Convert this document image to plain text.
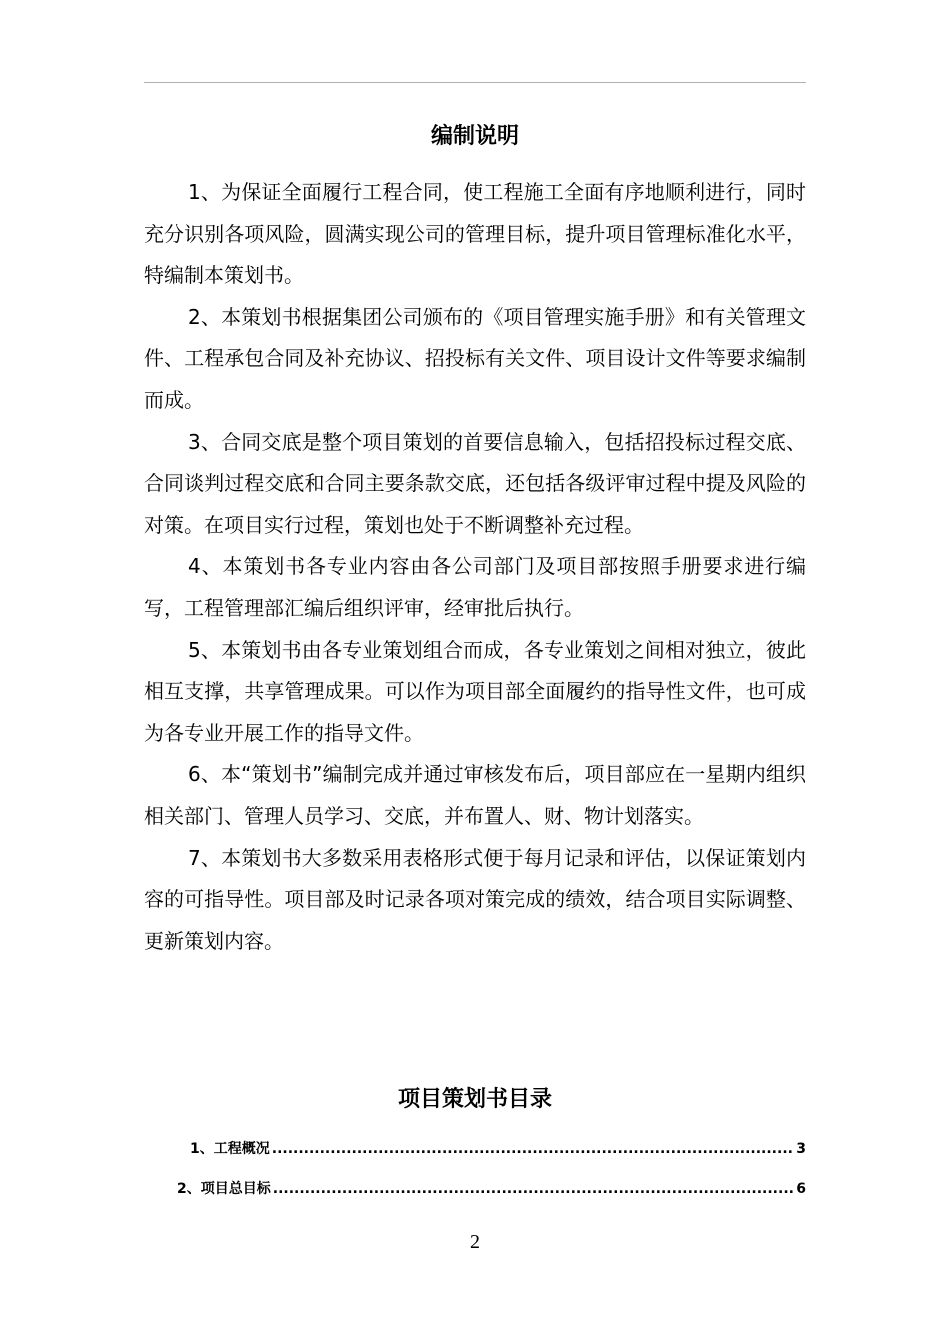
编制说明

1、为保证全面履行工程合同，使工程施工全面有序地顺利进行，同时充分识别各项风险，圆满实现公司的管理目标，提升项目管理标准化水平，特编制本策划书。

2、本策划书根据集团公司颁布的《项目管理实施手册》和有关管理文件、工程承包合同及补充协议、招投标有关文件、项目设计文件等要求编制而成。

3、合同交底是整个项目策划的首要信息输入，包括招投标过程交底、合同谈判过程交底和合同主要条款交底，还包括各级评审过程中提及风险的对策。在项目实行过程，策划也处于不断调整补充过程。

4、本策划书各专业内容由各公司部门及项目部按照手册要求进行编写，工程管理部汇编后组织评审，经审批后执行。

5、本策划书由各专业策划组合而成，各专业策划之间相对独立，彼此相互支撑，共享管理成果。可以作为项目部全面履约的指导性文件，也可成为各专业开展工作的指导文件。

6、本“策划书”编制完成并通过审核发布后，项目部应在一星期内组织相关部门、管理人员学习、交底，并布置人、财、物计划落实。

7、本策划书大多数采用表格形式便于每月记录和评估，以保证策划内容的可指导性。项目部及时记录各项对策完成的绩效，结合项目实际调整、更新策划内容。

项目策划书目录
1、工程概况 .....	3
2、项目总目标 .....	6
2
